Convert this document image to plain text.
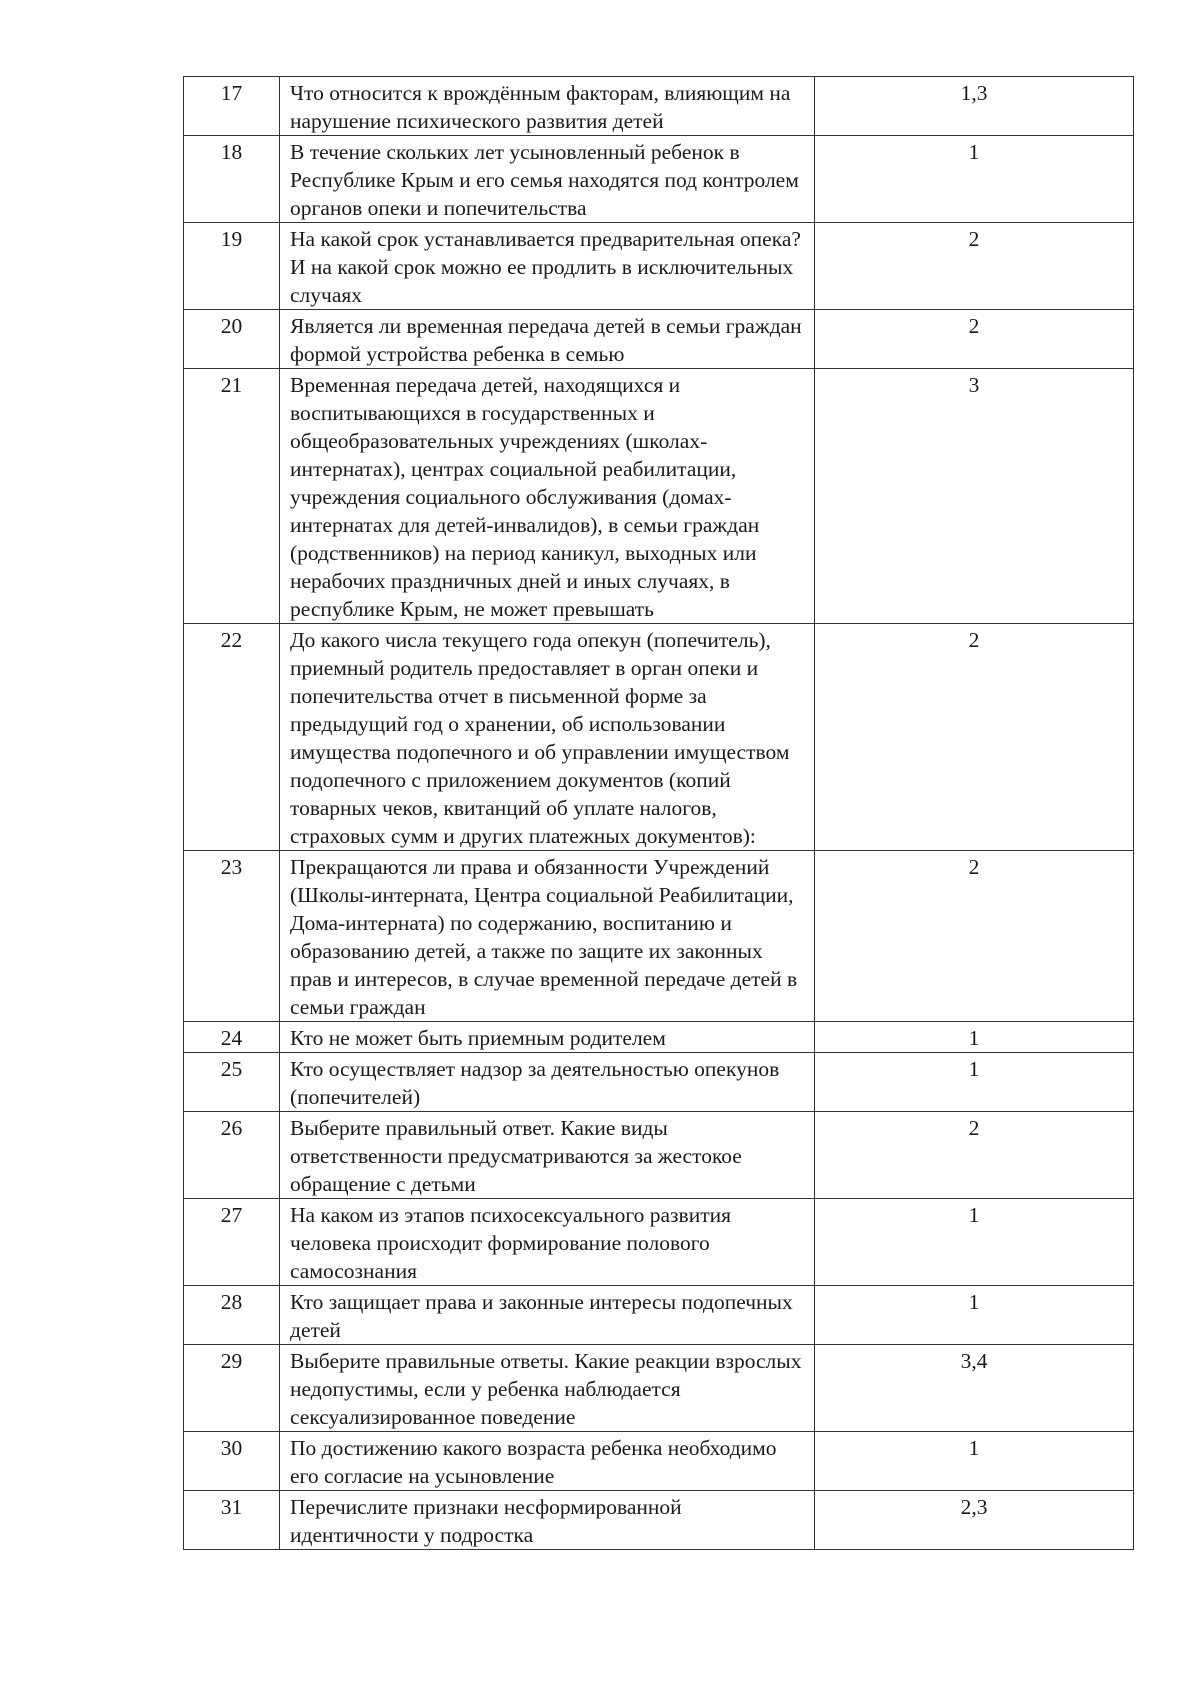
17	Что относится к врождённым факторам, влияющим на нарушение психического развития детей	1,3
18	В течение скольких лет усыновленный ребенок в Республике Крым и его семья находятся под контролем органов опеки и попечительства	1
19	На какой срок устанавливается предварительная опека? И на какой срок можно ее продлить в исключительных случаях	2
20	Является ли временная передача детей в семьи граждан формой устройства ребенка в семью	2
21	Временная передача детей, находящихся и воспитывающихся в государственных и общеобразовательных учреждениях (школах-интернатах), центрах социальной реабилитации, учреждения социального обслуживания (домах-интернатах для детей-инвалидов), в семьи граждан (родственников) на период каникул, выходных или нерабочих праздничных дней и иных случаях, в республике Крым, не может превышать	3
22	До какого числа текущего года опекун (попечитель), приемный родитель предоставляет в орган опеки и попечительства отчет в письменной форме за предыдущий год о хранении, об использовании имущества подопечного и об управлении имуществом подопечного с приложением документов (копий товарных чеков, квитанций об уплате налогов, страховых сумм и других платежных документов):	2
23	Прекращаются ли права и обязанности Учреждений (Школы-интерната, Центра социальной Реабилитации, Дома-интерната) по содержанию, воспитанию и образованию детей, а также по защите их законных прав и интересов, в случае временной передаче детей в семьи граждан	2
24	Кто не может быть приемным родителем	1
25	Кто осуществляет надзор за деятельностью опекунов (попечителей)	1
26	Выберите правильный ответ. Какие виды ответственности предусматриваются за жестокое обращение с детьми	2
27	На каком из этапов психосексуального развития человека происходит формирование полового самосознания	1
28	Кто защищает права и законные интересы подопечных детей	1
29	Выберите правильные ответы. Какие реакции взрослых недопустимы, если у ребенка наблюдается сексуализированное поведение	3,4
30	По достижению какого возраста ребенка необходимо его согласие на усыновление	1
31	Перечислите признаки несформированной идентичности у подростка	2,3
